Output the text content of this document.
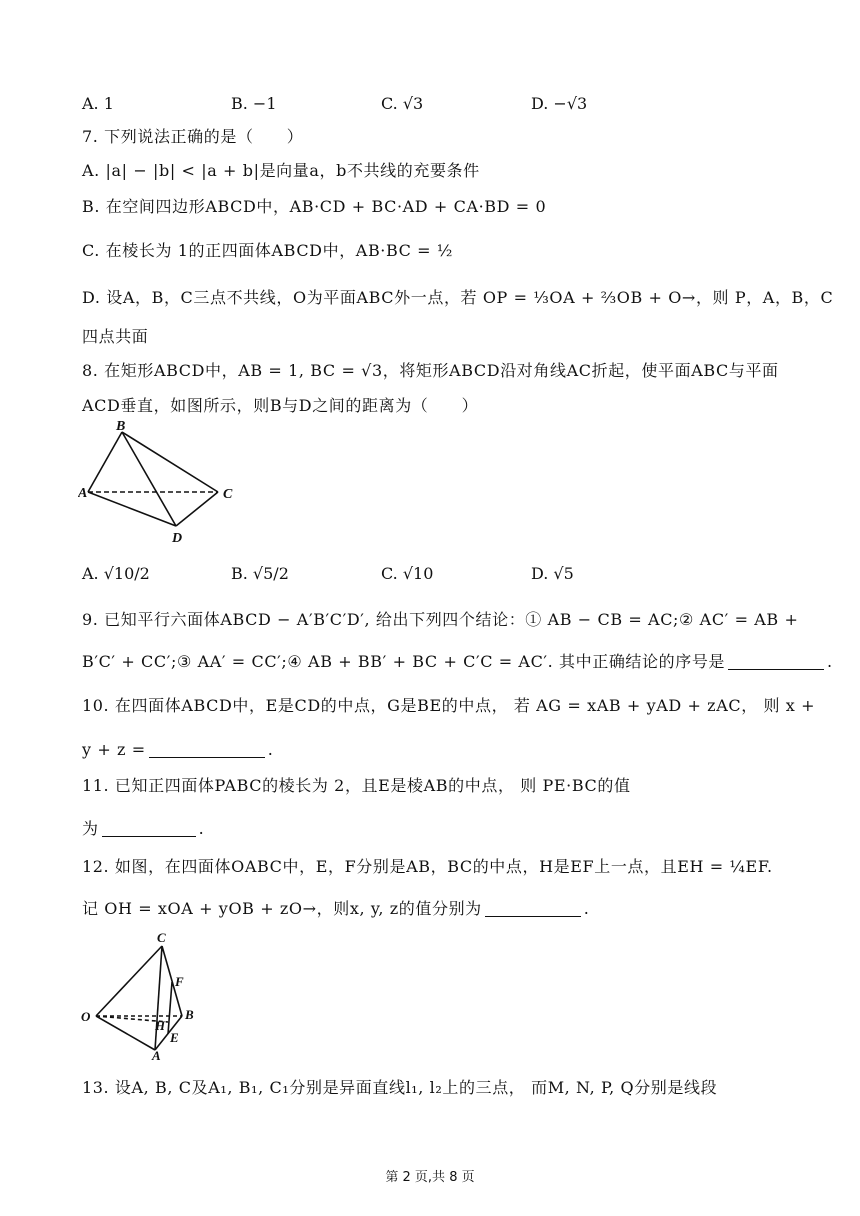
A. 1	B. −1	C. √3	D. −√3
7. 下列说法正确的是（　　）
A. |a| − |b| < |a + b|是向量a，b不共线的充要条件
B. 在空间四边形ABCD中，AB·CD + BC·AD + CA·BD = 0
C. 在棱长为 1的正四面体ABCD中，AB·BC = ½
D. 设A，B，C三点不共线，O为平面ABC外一点，若 OP = ⅓OA + ⅔OB + O→，则 P，A，B，C
四点共面
8. 在矩形ABCD中，AB = 1, BC = √3，将矩形ABCD沿对角线AC折起，使平面ABC与平面
ACD垂直，如图所示，则B与D之间的距离为（　　）
B
A	C
D
A. √10/2	B. √5/2	C. √10	D. √5
9. 已知平行六面体ABCD − A′B′C′D′, 给出下列四个结论：① AB − CB = AC;② AC′ = AB +
B′C′ + CC′;③ AA′ = CC′;④ AB + BB′ + BC + C′C = AC′. 其中正确结论的序号是	.
10. 在四面体ABCD中，E是CD的中点，G是BE的中点， 若 AG = xAB + yAD + zAC， 则 x +
y + z =	.
11. 已知正四面体PABC的棱长为 2，且E是棱AB的中点， 则 PE·BC的值
为	.
12. 如图，在四面体OABC中，E，F分别是AB，BC的中点，H是EF上一点，且EH = ¼EF.
记 OH = xOA + yOB + zO→，则x, y, z的值分别为	.
C
F
O	B
H
E
A
13. 设A, B, C及A₁, B₁, C₁分别是异面直线l₁, l₂上的三点， 而M, N, P, Q分别是线段
第 2 页,共 8 页
